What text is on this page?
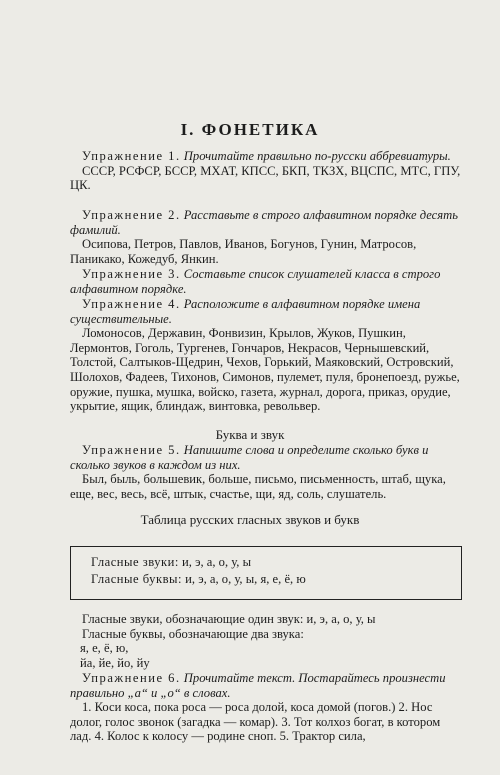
I. ФОНЕТИКА
Упражнение 1. Прочитайте правильно по-русски аббревиатуры.
СССР, РСФСР, БССР, МХАТ, КПСС, БКП, ТКЗХ, ВЦСПС, МТС, ГПУ, ЦК.
Упражнение 2. Расставьте в строго алфавитном порядке десять фамилий.
Осипова, Петров, Павлов, Иванов, Богунов, Гунин, Матросов, Паникако, Кожедуб, Янкин.
Упражнение 3. Составьте список слушателей класса в строго алфавитном порядке.
Упражнение 4. Расположите в алфавитном порядке имена существительные.
Ломоносов, Державин, Фонвизин, Крылов, Жуков, Пушкин, Лермонтов, Гоголь, Тургенев, Гончаров, Некрасов, Чернышевский, Толстой, Салтыков-Щедрин, Чехов, Горький, Маяковский, Островский, Шолохов, Фадеев, Тихонов, Симонов, пулемет, пуля, бронепоезд, ружье, оружие, пушка, мушка, войско, газета, журнал, дорога, приказ, орудие, укрытие, ящик, блиндаж, винтовка, револьвер.
Буква и звук
Упражнение 5. Напишите слова и определите сколько букв и сколько звуков в каждом из них.
Был, быль, большевик, больше, письмо, письменность, штаб, щука, еще, вес, весь, всё, штык, счастье, щи, яд, соль, слушатель.
Таблица русских гласных звуков и букв
Гласные звуки: и, э, а, о, у, ы
Гласные буквы: и, э, а, о, у, ы, я, е, ё, ю
Гласные звуки, обозначающие один звук: и, э, а, о, у, ы
Гласные буквы, обозначающие два звука:
я, е, ё, ю,
йа, йе, йо, йу
Упражнение 6. Прочитайте текст. Постарайтесь произнести правильно „а“ и „о“ в словах.
1. Коси коса, пока роса — роса долой, коса домой (погов.) 2. Нос долог, голос звонок (загадка — комар). 3. Тот колхоз богат, в котором лад. 4. Колос к колосу — родине сноп. 5. Трактор сила,
